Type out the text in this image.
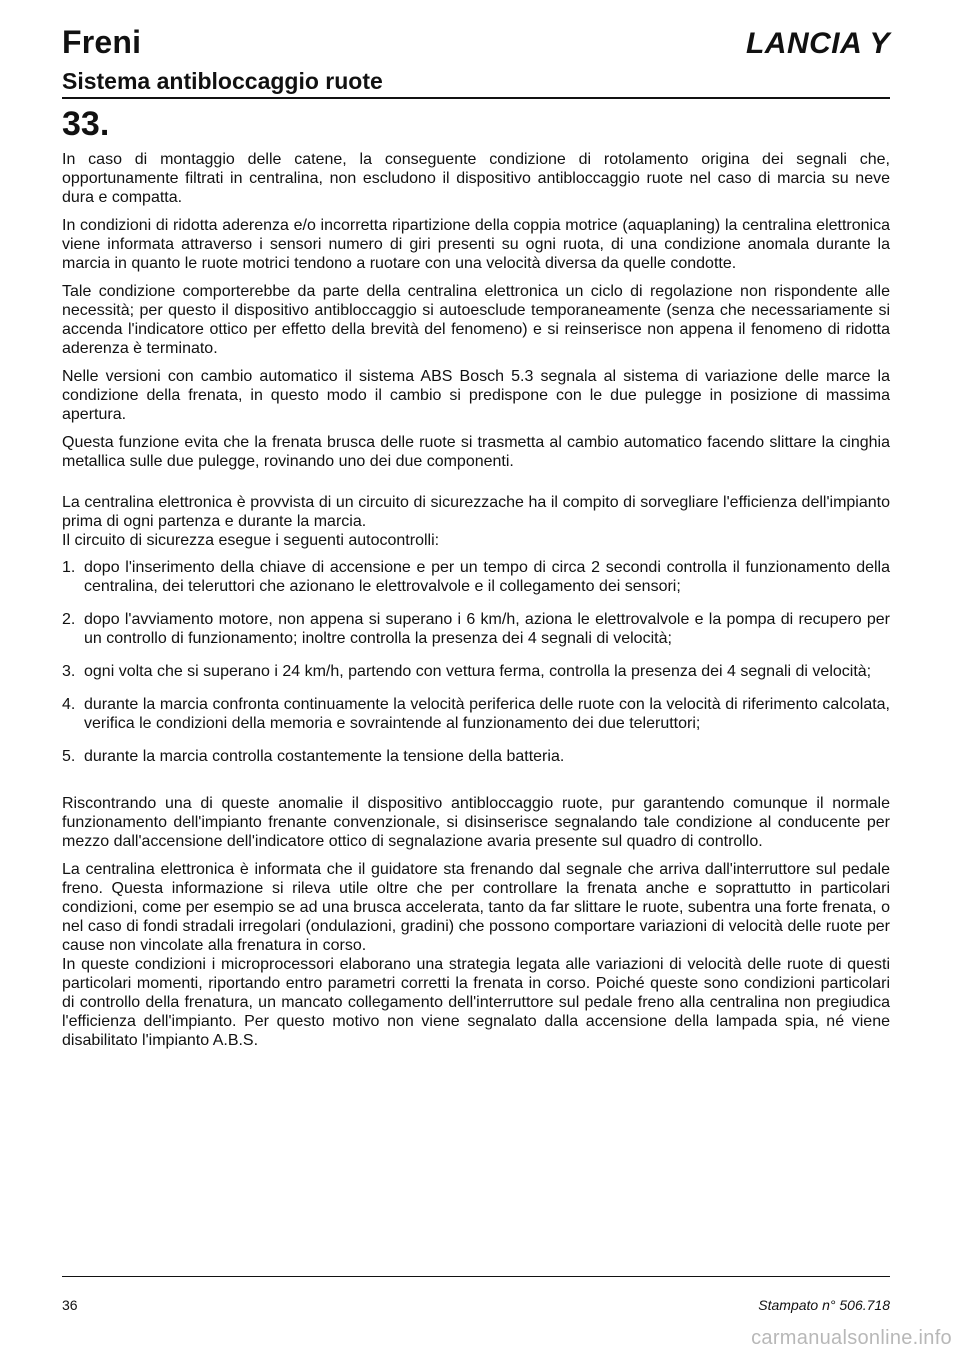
Freni	LANCIA Y
Sistema antibloccaggio ruote
33.

In caso di montaggio delle catene, la conseguente condizione di rotolamento origina dei segnali che, opportunamente filtrati in centralina, non escludono il dispositivo antibloccaggio ruote nel caso di marcia su neve dura e compatta.

In condizioni di ridotta aderenza e/o incorretta ripartizione della coppia motrice (aquaplaning) la centralina elettronica viene informata attraverso i sensori numero di giri presenti su ogni ruota, di una condizione anomala durante la marcia in quanto le ruote motrici tendono a ruotare con una velocità diversa da quelle condotte.

Tale condizione comporterebbe da parte della centralina elettronica un ciclo di regolazione non rispondente alle necessità; per questo il dispositivo antibloccaggio si autoesclude temporaneamente (senza che necessariamente si accenda l'indicatore ottico per effetto della brevità del fenomeno) e si reinserisce non appena il fenomeno di ridotta aderenza è terminato.

Nelle versioni con cambio automatico il sistema ABS Bosch 5.3 segnala al sistema di variazione delle marce la condizione della frenata, in questo modo il cambio si predispone con le due pulegge in posizione di massima apertura.

Questa funzione evita che la frenata brusca delle ruote si trasmetta al cambio automatico facendo slittare la cinghia metallica sulle due pulegge, rovinando uno dei due componenti.

La centralina elettronica è provvista di un circuito di sicurezzache ha il compito di sorvegliare l'efficienza dell'impianto prima di ogni partenza e durante la marcia.
Il circuito di sicurezza esegue i seguenti autocontrolli:

1. dopo l'inserimento della chiave di accensione e per un tempo di circa 2 secondi controlla il funzionamento della centralina, dei teleruttori che azionano le elettrovalvole e il collegamento dei sensori;
2. dopo l'avviamento motore, non appena si superano i 6 km/h, aziona le elettrovalvole e la pompa di recupero per un controllo di funzionamento; inoltre controlla la presenza dei 4 segnali di velocità;
3. ogni volta che si superano i 24 km/h, partendo con vettura ferma, controlla la presenza dei 4 segnali di velocità;
4. durante la marcia confronta continuamente la velocità periferica delle ruote con la velocità di riferimento calcolata, verifica le condizioni della memoria e sovraintende al funzionamento dei due teleruttori;
5. durante la marcia controlla costantemente la tensione della batteria.

Riscontrando una di queste anomalie il dispositivo antibloccaggio ruote, pur garantendo comunque il normale funzionamento dell'impianto frenante convenzionale, si disinserisce segnalando tale condizione al conducente per mezzo dall'accensione dell'indicatore ottico di segnalazione avaria presente sul quadro di controllo.

La centralina elettronica è informata che il guidatore sta frenando dal segnale che arriva dall'interruttore sul pedale freno. Questa informazione si rileva utile oltre che per controllare la frenata anche e soprattutto in particolari condizioni, come per esempio se ad una brusca accelerata, tanto da far slittare le ruote, subentra una forte frenata, o nel caso di fondi stradali irregolari (ondulazioni, gradini) che possono comportare variazioni di velocità delle ruote per cause non vincolate alla frenatura in corso.
In queste condizioni i microprocessori elaborano una strategia legata alle variazioni di velocità delle ruote di questi particolari momenti, riportando entro parametri corretti la frenata in corso. Poiché queste sono condizioni particolari di controllo della frenatura, un mancato collegamento dell'interruttore sul pedale freno alla centralina non pregiudica l'efficienza dell'impianto. Per questo motivo non viene segnalato dalla accensione della lampada spia, né viene disabilitato l'impianto A.B.S.

36	Stampato n° 506.718
carmanualsonline.info
